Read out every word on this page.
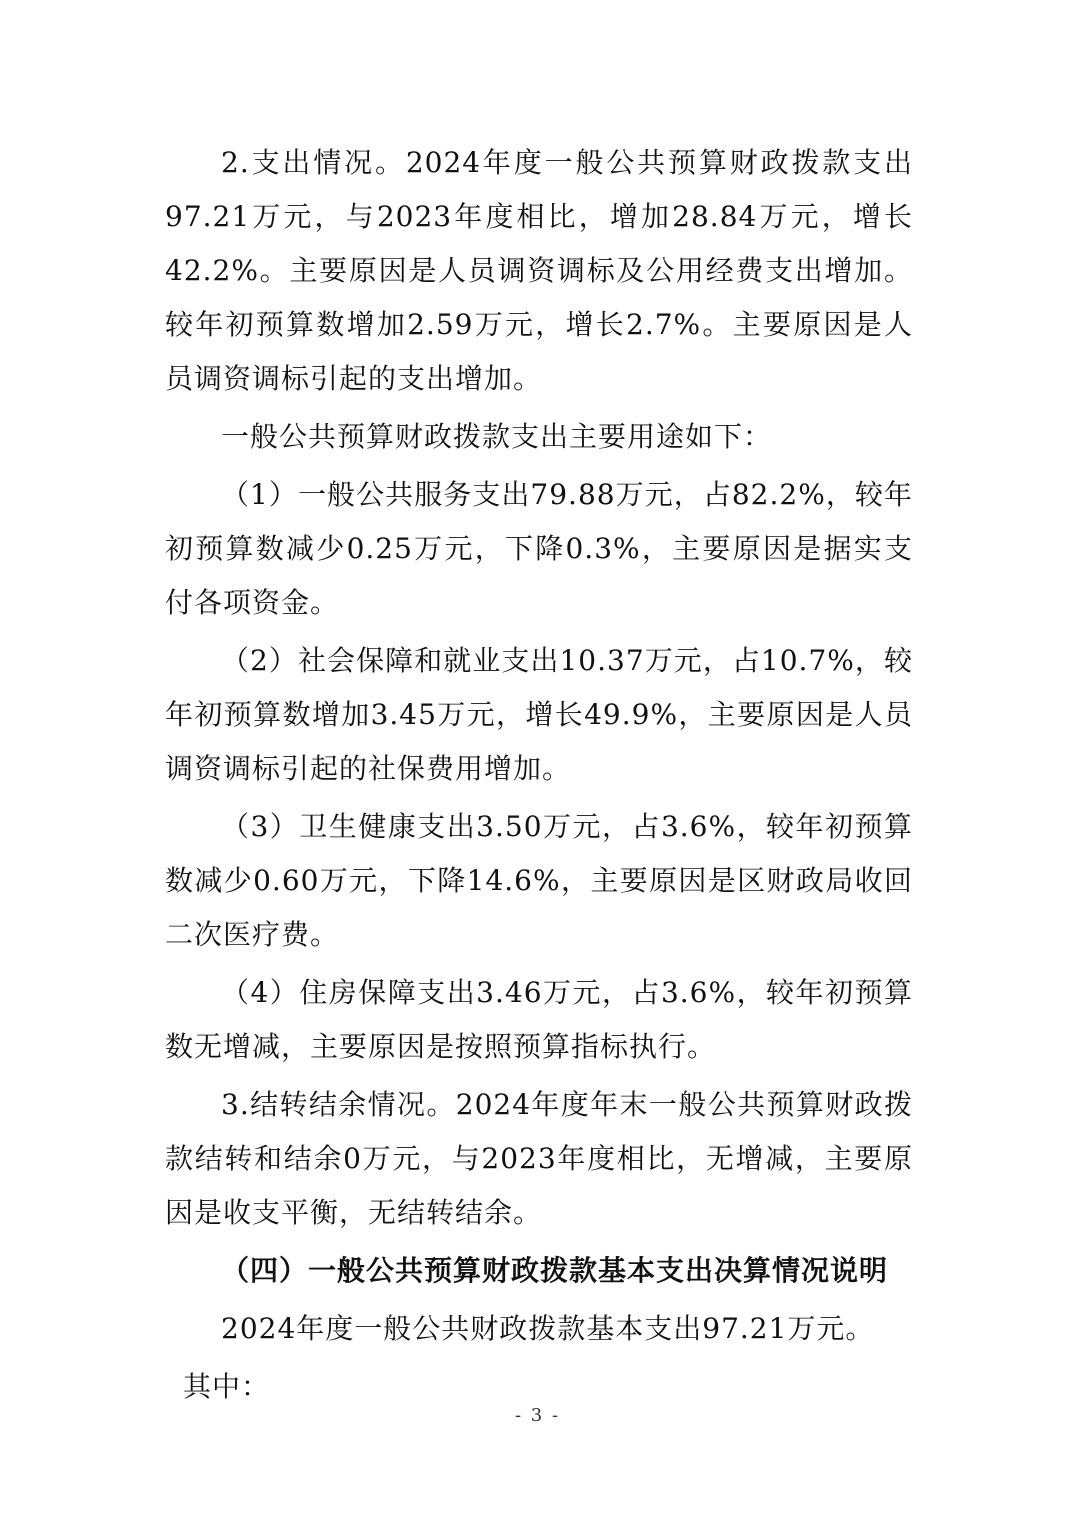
2.支出情况。2024年度一般公共预算财政拨款支出97.21万元，与2023年度相比，增加28.84万元，增长42.2%。主要原因是人员调资调标及公用经费支出增加。较年初预算数增加2.59万元，增长2.7%。主要原因是人员调资调标引起的支出增加。

一般公共预算财政拨款支出主要用途如下：

（1）一般公共服务支出79.88万元，占82.2%，较年初预算数减少0.25万元，下降0.3%，主要原因是据实支付各项资金。

（2）社会保障和就业支出10.37万元，占10.7%，较年初预算数增加3.45万元，增长49.9%，主要原因是人员调资调标引起的社保费用增加。

（3）卫生健康支出3.50万元，占3.6%，较年初预算数减少0.60万元，下降14.6%，主要原因是区财政局收回二次医疗费。

（4）住房保障支出3.46万元，占3.6%，较年初预算数无增减，主要原因是按照预算指标执行。

3.结转结余情况。2024年度年末一般公共预算财政拨款结转和结余0万元，与2023年度相比，无增减，主要原因是收支平衡，无结转结余。

（四）一般公共预算财政拨款基本支出决算情况说明

2024年度一般公共财政拨款基本支出97.21万元。

其中：

- 3 -
